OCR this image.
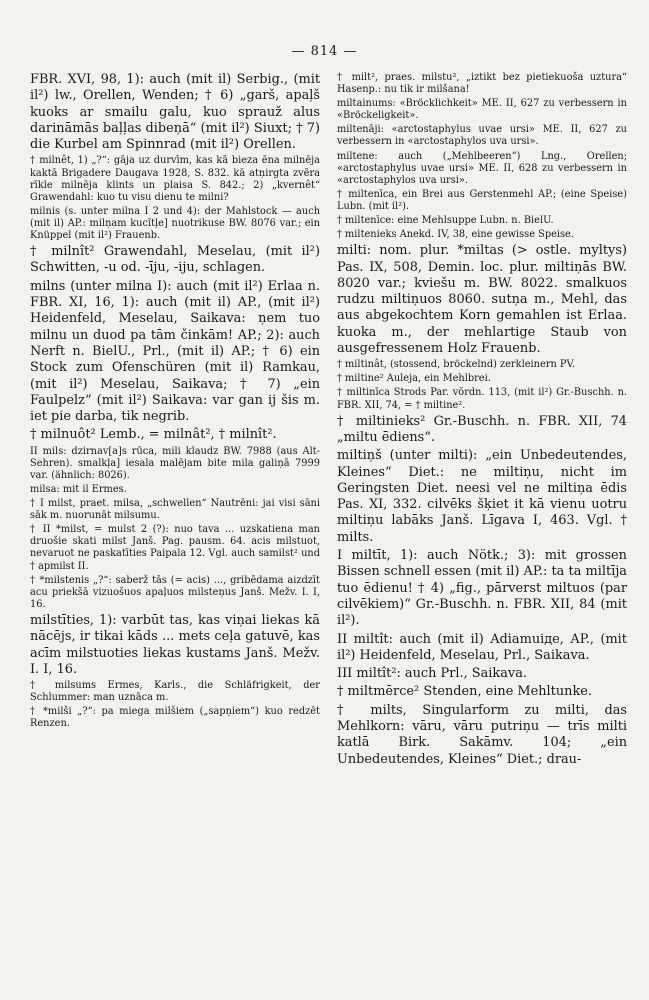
— 814 —

FBR. XVI, 98, 1): auch (mit il) Serbig., (mit il²) lw., Orellen, Wenden; † 6) „garš, apaļš kuoks ar smailu galu, kuo sprauž alus darināmās baļļas dibeņā“ (mit il²) Siuxt; † 7) die Kurbel am Spinnrad (mit il²) Orellen.

† milnêt, 1) „?“: gāja uz durvīm, kas kā bieza ēna milnēja kaktā Brigadere Daugava 1928, S. 832. kā atņirgta zvēra rīkle milnēja klints un plaisa S. 842.; 2) „kvernêt“ Grawendahl: kuo tu visu dienu te milni?

milnis (s. unter milna I 2 und 4): der Mahlstock — auch (mit il) AP.: milņam kucītļe] nuotrikuse BW. 8076 var.; ein Knüppel (mit il²) Frauenb.

† milnît² Grawendahl, Meselau, (mit il²) Schwitten, -u od. -īju, -iju, schlagen.

milns (unter milna I): auch (mit il²) Erlaa n. FBR. XI, 16, 1): auch (mit il) AP., (mit il²) Heidenfeld, Meselau, Saikava: ņem tuo milnu un duod pa tām činkām! AP.; 2): auch Nerft n. BielU., Prl., (mit il) AP.; † 6) ein Stock zum Ofenschüren (mit il) Ramkau, (mit il²) Meselau, Saikava; † 7) „ein Faulpelz“ (mit il²) Saikava: var gan ij šis m. iet pie darba, tik negrib.

† milnuôt² Lemb., = milnât², † milnît².

II mils: dzirnav[a]s rūca, mili klaudz BW. 7988 (aus Alt-Sehren). smalkļa] iesala malējam bite mila galiņā 7999 var. (ähnlich: 8026).

milsa: mit il Ermes.

† I milst, praet. milsa, „schwellen“ Nautrēni: jai visi sāni sāk m. nuorunāt milsumu.

† II *milst, = mulst 2 (?): nuo tava ... uzskatiena man druošie skati milst Janš. Pag. pausm. 64. acis milstuot, nevaruot ne paskatīties Paipala 12. Vgl. auch samilst² und † apmilst II.

† *milstenis „?“: saberž tās (= acis) ..., gribēdama aizdzīt acu priekšā vizuošuos apaļuos milsteņus Janš. Mežv. I. I, 16.

milstīties, 1): varbūt tas, kas viņai liekas kā nācējs, ir tikai kāds ... mets ceļa gatuvē, kas acīm milstuoties liekas kustams Janš. Mežv. I. I, 16.

† milsums Ermes, Karls., die Schläfrigkeit, der Schlummer: man uznāca m.

† *milši „?“: pa miega milšiem („sapņiem“) kuo redzēt Renzen.

† milt², praes. milstu², „iztikt bez pietiekuoša uztura“ Hasenp.: nu tik ir milšana!

miltainums: «Bröcklichkeit» ME. II, 627 zu verbessern in «Bröckeligkeit».

miltenāji: «arctostaphylus uvae ursi» ME. II, 627 zu verbessern in «arctostaphylos uva ursi».

miltene: auch („Mehlbeeren“) Lng., Orellen; «arctostaphylus uvae ursi» ME. II, 628 zu verbessern in «arctostaphylos uva ursi».

† miltenīca, ein Brei aus Gerstenmehl AP.; (eine Speise) Lubn. (mit il²).

† miltenīce: eine Mehlsuppe Lubn. n. BielU.

† miltenieks Anekd. IV, 38, eine gewisse Speise.

milti: nom. plur. *miltas (> ostle. myltys) Pas. IX, 508, Demin. loc. plur. miltiņās BW. 8020 var.; kviešu m. BW. 8022. smalkuos rudzu miltiņuos 8060. sutņa m., Mehl, das aus abgekochtem Korn gemahlen ist Erlaa. kuoka m., der mehlartige Staub von ausgefressenem Holz Frauenb.

† miltinât, (stossend, bröckelnd) zerkleinern PV.

† miltine² Auleja, ein Mehlbrei.

† miltinīca Strods Par. vōrdn. 113, (mit il²) Gr.-Buschh. n. FBR. XII, 74, = † miltine².

† miltinieks² Gr.-Buschh. n. FBR. XII, 74 „miltu ēdiens“.

miltiņš (unter milti): „ein Unbedeutendes, Kleines“ Diet.: ne miltiņu, nicht im Geringsten Diet. neesi vel ne miltiņa ēdis Pas. XI, 332. cilvēks šķiet it kā vienu uotru miltiņu labāks Janš. Līgava I, 463. Vgl. † milts.

I miltīt, 1): auch Nötk.; 3): mit grossen Bissen schnell essen (mit il) AP.: ta ta miltīja tuo ēdienu! † 4) „fig., pārverst miltuos (par cilvēkiem)“ Gr.-Buschh. n. FBR. XII, 84 (mit il²).

II miltît: auch (mit il) Adiamuiде, AP., (mit il²) Heidenfeld, Meselau, Prl., Saikava.

III miltît²: auch Prl., Saikava.

† miltmērce² Stenden, eine Mehltunke.

† milts, Singularform zu milti, das Mehlkorn: vāru, vāru putriņu — trīs milti katlā Birk. Sakāmv. 104; „ein Unbedeutendes, Kleines“ Diet.; drau-
